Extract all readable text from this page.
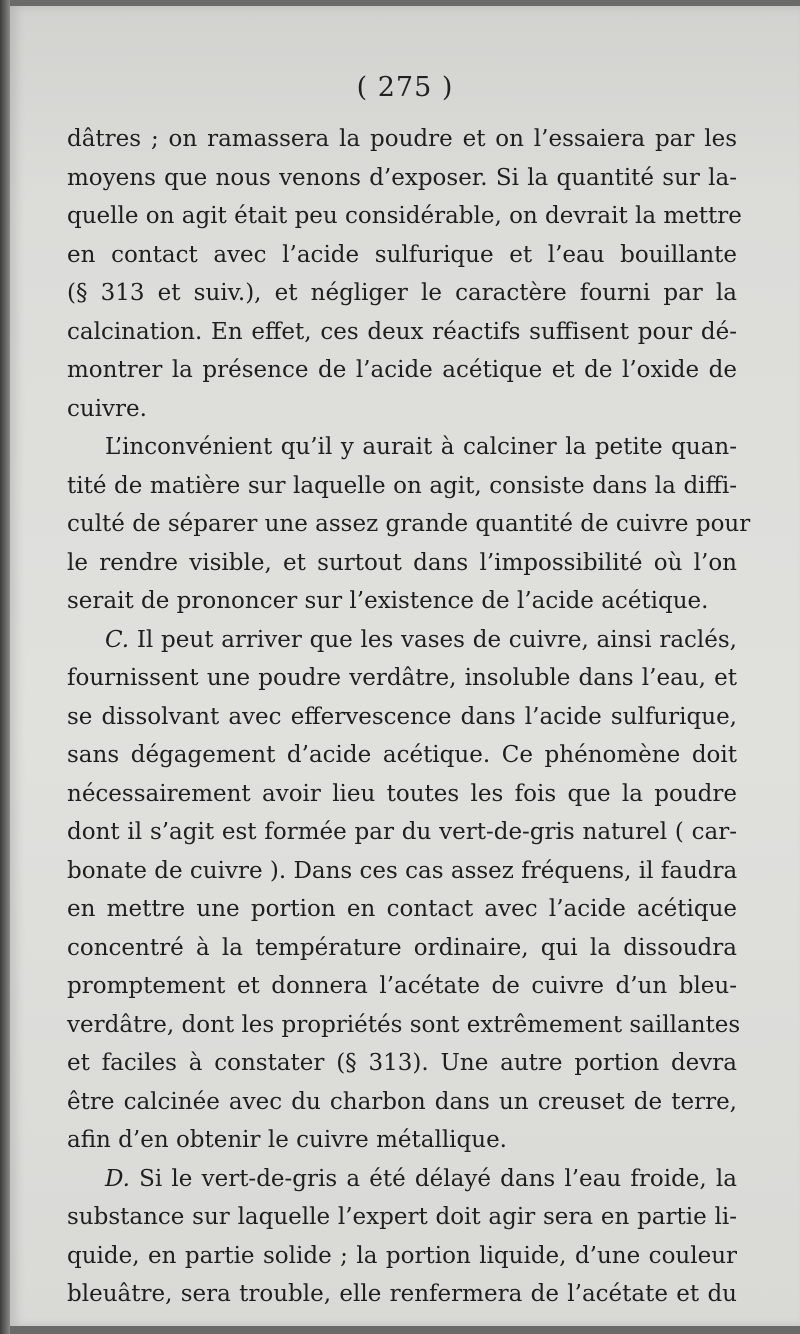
( 275 )

dâtres ; on ramassera la poudre et on l’essaiera par les
moyens que nous venons d’exposer. Si la quantité sur la-
quelle on agit était peu considérable, on devrait la mettre
en contact avec l’acide sulfurique et l’eau bouillante
(§ 313 et suiv.), et négliger le caractère fourni par la
calcination. En effet, ces deux réactifs suffisent pour dé-
montrer la présence de l’acide acétique et de l’oxide de
cuivre.

L’inconvénient qu’il y aurait à calciner la petite quan-
tité de matière sur laquelle on agit, consiste dans la diffi-
culté de séparer une assez grande quantité de cuivre pour
le rendre visible, et surtout dans l’impossibilité où l’on
serait de prononcer sur l’existence de l’acide acétique.

C. Il peut arriver que les vases de cuivre, ainsi raclés,
fournissent une poudre verdâtre, insoluble dans l’eau, et
se dissolvant avec effervescence dans l’acide sulfurique,
sans dégagement d’acide acétique. Ce phénomène doit
nécessairement avoir lieu toutes les fois que la poudre
dont il s’agit est formée par du vert-de-gris naturel ( car-
bonate de cuivre ). Dans ces cas assez fréquens, il faudra
en mettre une portion en contact avec l’acide acétique
concentré à la température ordinaire, qui la dissoudra
promptement et donnera l’acétate de cuivre d’un bleu-
verdâtre, dont les propriétés sont extrêmement saillantes
et faciles à constater (§ 313). Une autre portion devra
être calcinée avec du charbon dans un creuset de terre,
afin d’en obtenir le cuivre métallique.

D. Si le vert-de-gris a été délayé dans l’eau froide, la
substance sur laquelle l’expert doit agir sera en partie li-
quide, en partie solide ; la portion liquide, d’une couleur
bleuâtre, sera trouble, elle renfermera de l’acétate et du
